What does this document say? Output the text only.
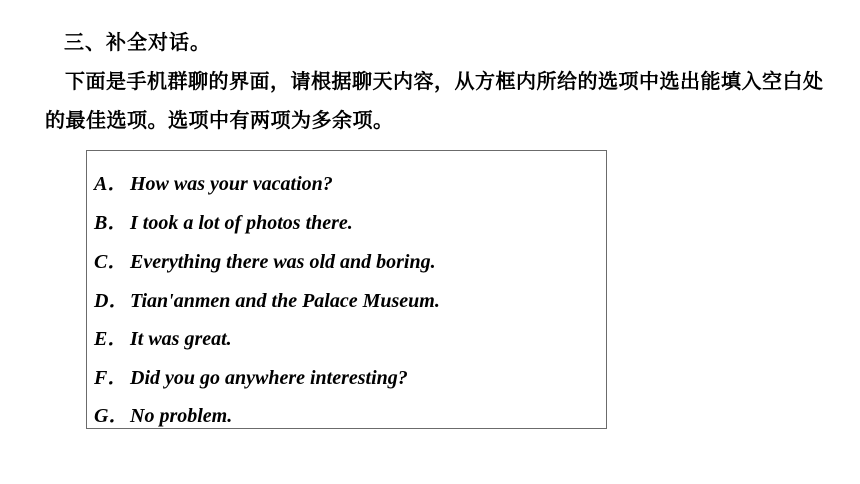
三、补全对话。
下面是手机群聊的界面，请根据聊天内容，从方框内所给的选项中选出能填入空白处的最佳选项。选项中有两项为多余项。
A． How was your vacation?
B． I took a lot of photos there.
C． Everything there was old and boring.
D．Tian'anmen and the Palace Museum.
E． It was great.
F． Did you go anywhere interesting?
G．No problem.
